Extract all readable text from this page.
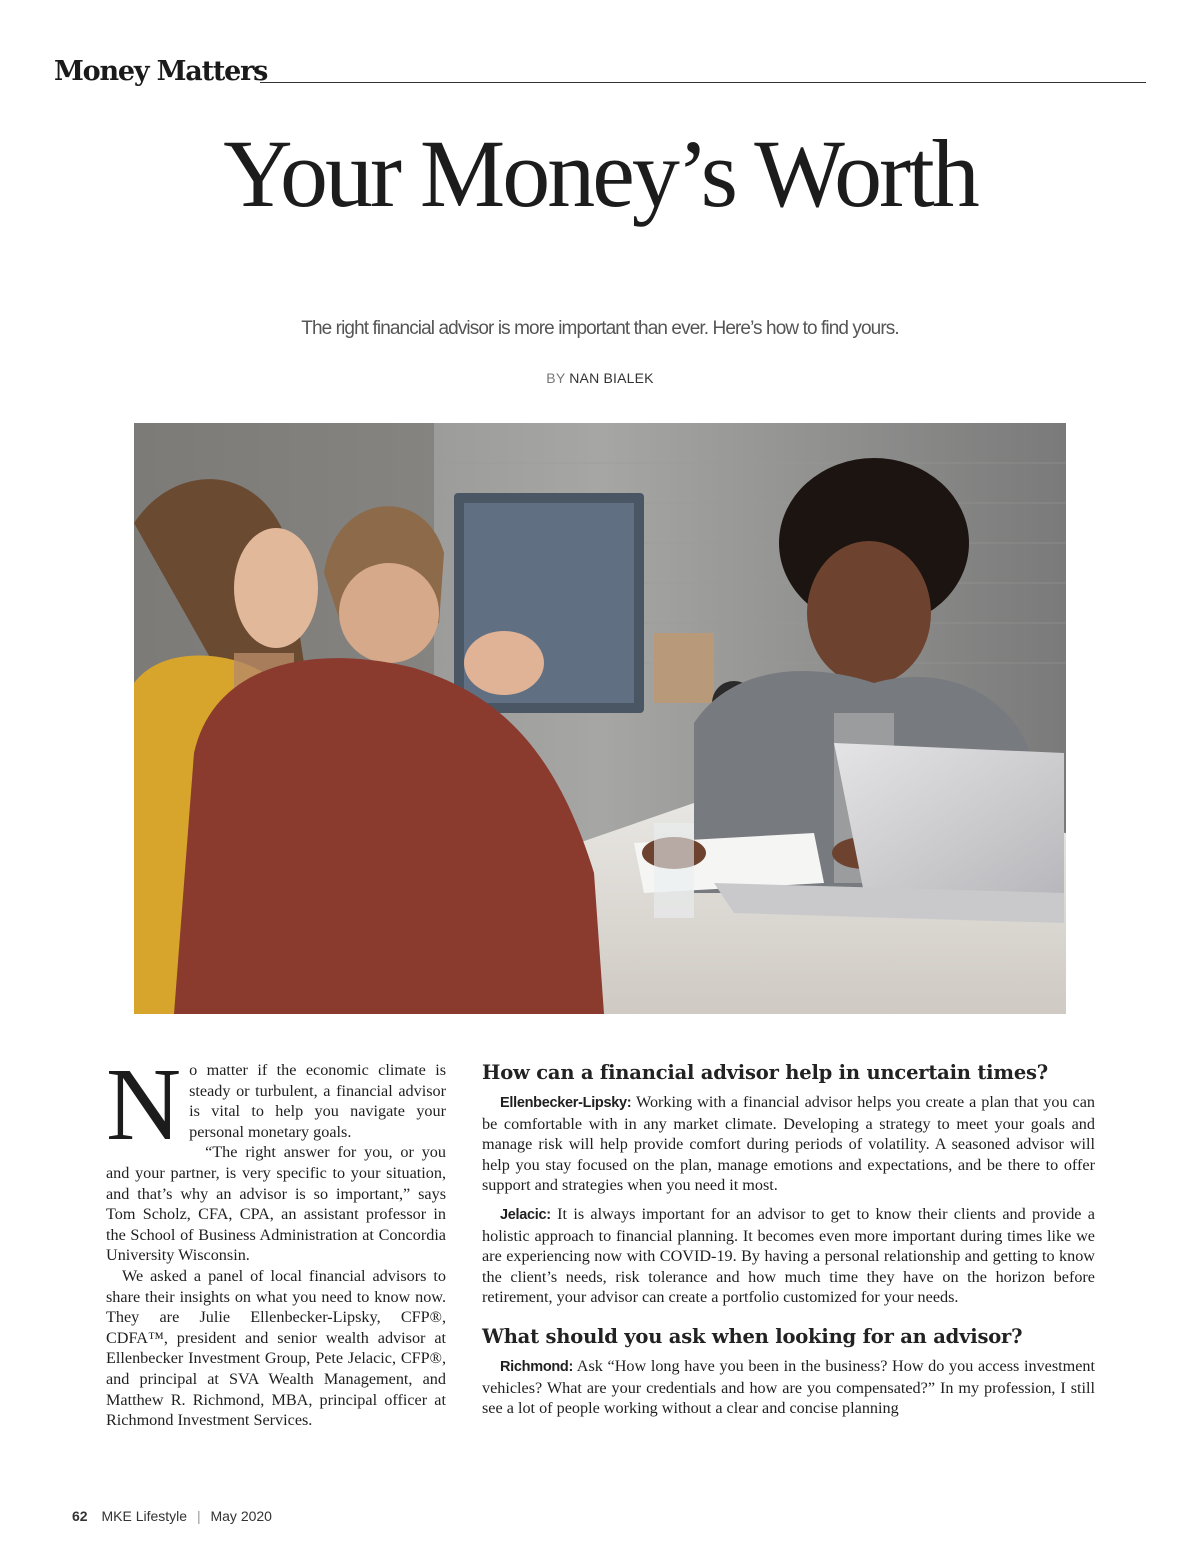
Money Matters
Your Money’s Worth
The right financial advisor is more important than ever. Here’s how to find yours.
BY NAN BIALEK

No matter if the economic climate is steady or turbulent, a financial advisor is vital to help you navigate your personal monetary goals.

“The right answer for you, or you and your partner, is very specific to your situation, and that’s why an advisor is so important,” says Tom Scholz, CFA, CPA, an assistant professor in the School of Business Administration at Concordia University Wisconsin.

We asked a panel of local financial advisors to share their insights on what you need to know now. They are Julie Ellenbecker-Lipsky, CFP®, CDFA™, president and senior wealth advisor at Ellenbecker Investment Group, Pete Jelacic, CFP®, and principal at SVA Wealth Management, and Matthew R. Richmond, MBA, principal officer at Richmond Investment Services.

How can a financial advisor help in uncertain times?

Ellenbecker-Lipsky: Working with a financial advisor helps you create a plan that you can be comfortable with in any market climate. Developing a strategy to meet your goals and manage risk will help provide comfort during periods of volatility. A seasoned advisor will help you stay focused on the plan, manage emotions and expectations, and be there to offer support and strategies when you need it most.

Jelacic: It is always important for an advisor to get to know their clients and provide a holistic approach to financial planning. It becomes even more important during times like we are experiencing now with COVID-19. By having a personal relationship and getting to know the client’s needs, risk tolerance and how much time they have on the horizon before retirement, your advisor can create a portfolio customized for your needs.

What should you ask when looking for an advisor?

Richmond: Ask “How long have you been in the business? How do you access investment vehicles? What are your credentials and how are you compensated?” In my profession, I still see a lot of people working without a clear and concise planning

62 MKE Lifestyle | May 2020
